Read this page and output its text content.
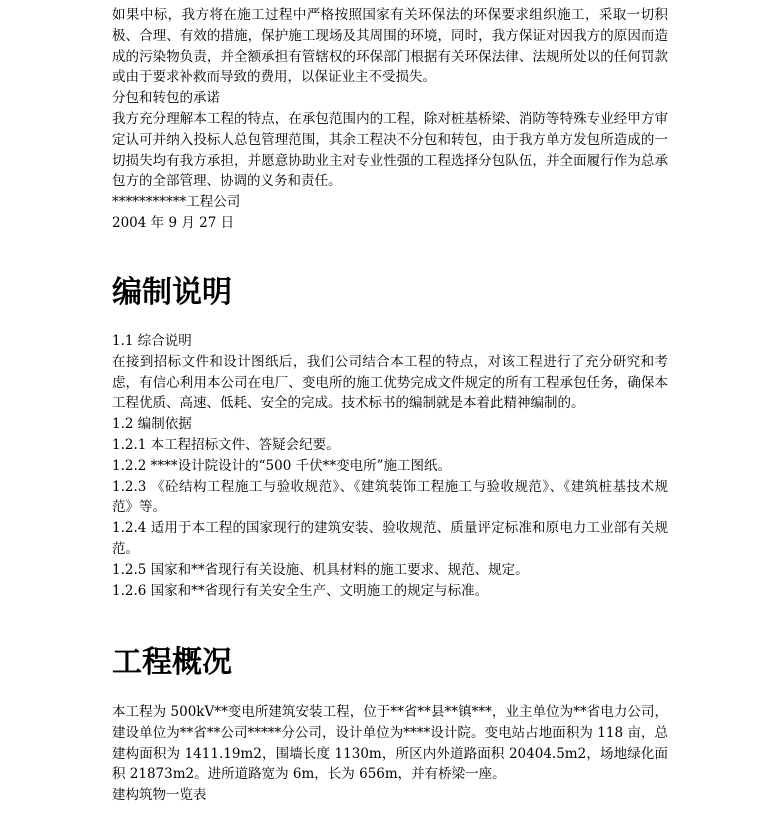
如果中标，我方将在施工过程中严格按照国家有关环保法的环保要求组织施工，采取一切积极、合理、有效的措施，保护施工现场及其周围的环境，同时，我方保证对因我方的原因而造成的污染物负责，并全额承担有管辖权的环保部门根据有关环保法律、法规所处以的任何罚款或由于要求补救而导致的费用，以保证业主不受损失。

分包和转包的承诺

我方充分理解本工程的特点，在承包范围内的工程，除对桩基桥梁、消防等特殊专业经甲方审定认可并纳入投标人总包管理范围，其余工程决不分包和转包，由于我方单方发包所造成的一切损失均有我方承担，并愿意协助业主对专业性强的工程选择分包队伍，并全面履行作为总承包方的全部管理、协调的义务和责任。

***********工程公司

2004 年 9 月 27 日

编制说明

1.1 综合说明

在接到招标文件和设计图纸后，我们公司结合本工程的特点，对该工程进行了充分研究和考虑，有信心利用本公司在电厂、变电所的施工优势完成文件规定的所有工程承包任务，确保本工程优质、高速、低耗、安全的完成。技术标书的编制就是本着此精神编制的。

1.2 编制依据

1.2.1 本工程招标文件、答疑会纪要。

1.2.2 ****设计院设计的“500 千伏**变电所”施工图纸。

1.2.3 《砼结构工程施工与验收规范》、《建筑装饰工程施工与验收规范》、《建筑桩基技术规范》等。

1.2.4 适用于本工程的国家现行的建筑安装、验收规范、质量评定标准和原电力工业部有关规范。

1.2.5 国家和**省现行有关设施、机具材料的施工要求、规范、规定。

1.2.6 国家和**省现行有关安全生产、文明施工的规定与标准。

工程概况

本工程为 500kV**变电所建筑安装工程，位于**省**县**镇***，业主单位为**省电力公司，建设单位为**省**公司*****分公司，设计单位为****设计院。变电站占地面积为 118 亩，总建构面积为 1411.19m2，围墙长度 1130m，所区内外道路面积 20404.5m2，场地绿化面积 21873m2。进所道路宽为 6m，长为 656m，并有桥梁一座。

建构筑物一览表
